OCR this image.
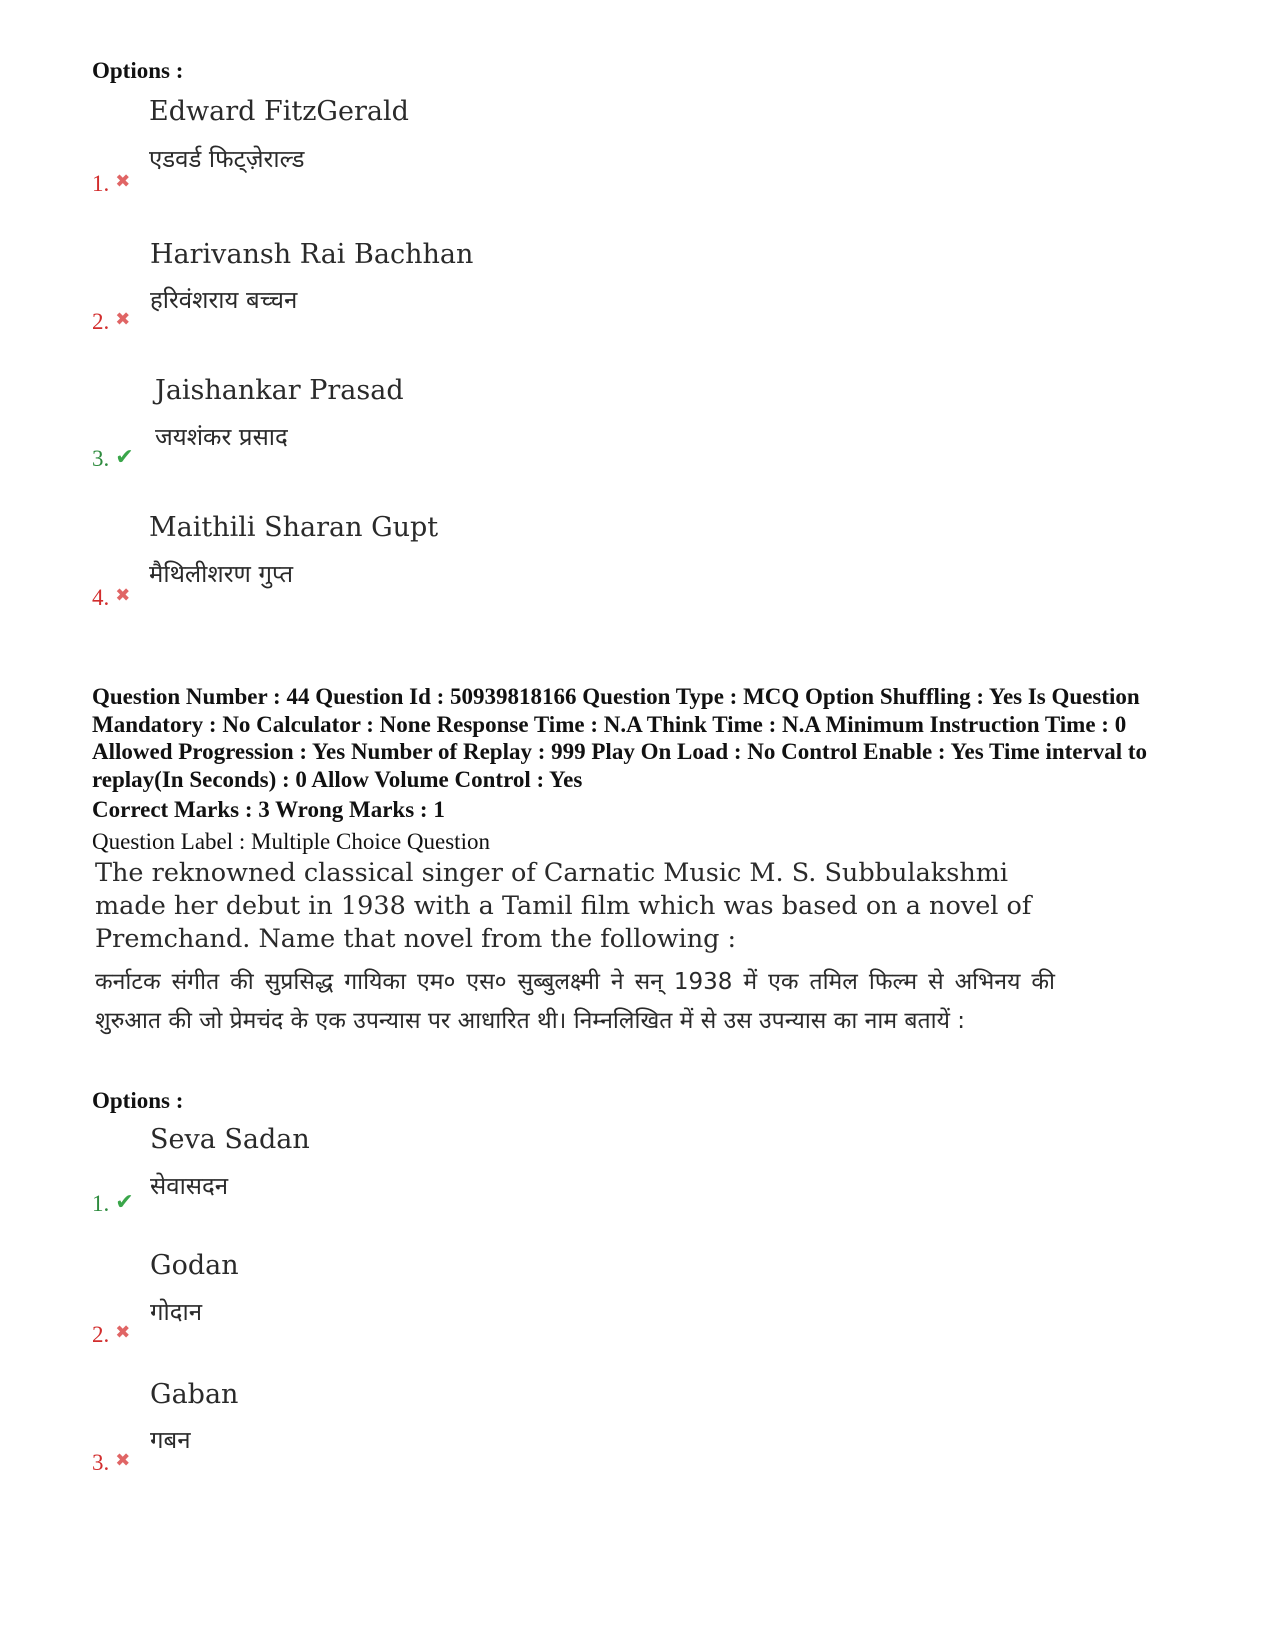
Options :
Edward FitzGerald
एडवर्ड फिट्ज़ेराल्ड
1. ✖
Harivansh Rai Bachhan
हरिवंशराय बच्चन
2. ✖
Jaishankar Prasad
जयशंकर प्रसाद
3. ✔
Maithili Sharan Gupt
मैथिलीशरण गुप्त
4. ✖
Question Number : 44 Question Id : 50939818166 Question Type : MCQ Option Shuffling : Yes Is Question Mandatory : No Calculator : None Response Time : N.A Think Time : N.A Minimum Instruction Time : 0 Allowed Progression : Yes Number of Replay : 999 Play On Load : No Control Enable : Yes Time interval to replay(In Seconds) : 0 Allow Volume Control : Yes
Correct Marks : 3 Wrong Marks : 1
Question Label : Multiple Choice Question
The reknowned classical singer of Carnatic Music M. S. Subbulakshmi made her debut in 1938 with a Tamil film which was based on a novel of Premchand. Name that novel from the following :
कर्नाटक संगीत की सुप्रसिद्ध गायिका एम० एस० सुब्बुलक्ष्मी ने सन् 1938 में एक तमिल फिल्म से अभिनय की शुरुआत की जो प्रेमचंद के एक उपन्यास पर आधारित थी। निम्नलिखित में से उस उपन्यास का नाम बतायें :
Options :
Seva Sadan
सेवासदन
1. ✔
Godan
गोदान
2. ✖
Gaban
गबन
3. ✖
